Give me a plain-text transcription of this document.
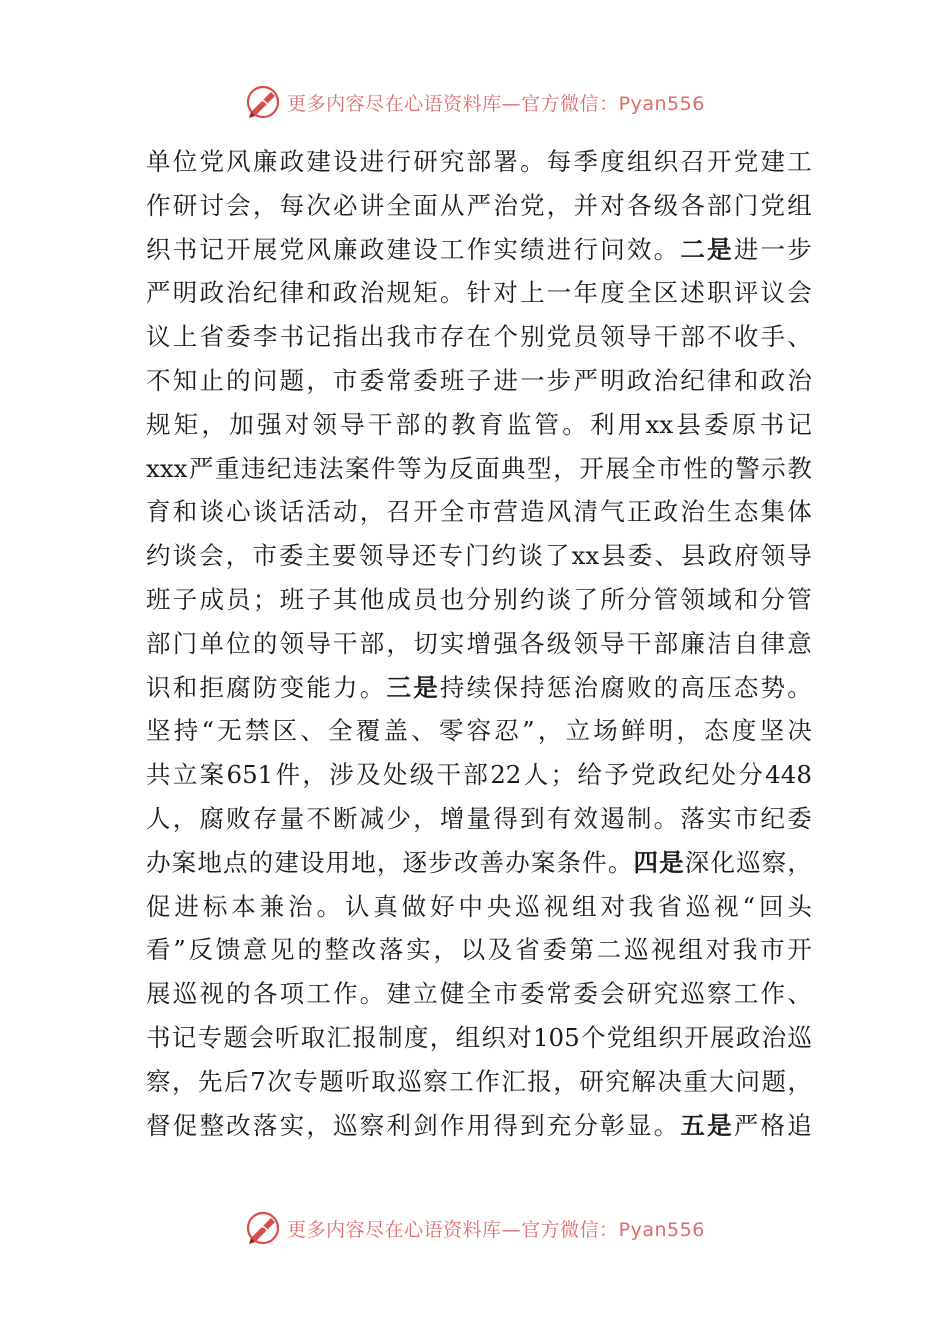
更多内容尽在心语资料库—官方微信：Pyan556
单 位 党 风 廉 政 建 设 进 行 研 究 部 署 。 每 季 度 组 织 召 开 党 建 工
作 研 讨 会 ， 每 次 必 讲 全 面 从 严 治 党 ， 并 对 各 级 各 部 门 党 组
织 书 记 开 展 党 风 廉 政 建 设 工 作 实 绩 进 行 问 效 。 二 是 进 一 步
严 明 政 治 纪 律 和 政 治 规 矩 。 针 对 上 一 年 度 全 区 述 职 评 议 会
议 上 省 委 李 书 记 指 出 我 市 存 在 个 别 党 员 领 导 干 部 不 收 手 、
不 知 止 的 问 题 ， 市 委 常 委 班 子 进 一 步 严 明 政 治 纪 律 和 政 治
规 矩 ， 加 强 对 领 导 干 部 的 教 育 监 管 。 利 用 xx 县 委 原 书 记
xxx 严 重 违 纪 违 法 案 件 等 为 反 面 典 型 ， 开 展 全 市 性 的 警 示 教
育 和 谈 心 谈 话 活 动 ， 召 开 全 市 营 造 风 清 气 正 政 治 生 态 集 体
约 谈 会 ， 市 委 主 要 领 导 还 专 门 约 谈 了 xx 县 委 、 县 政 府 领 导
班 子 成 员 ； 班 子 其 他 成 员 也 分 别 约 谈 了 所 分 管 领 域 和 分 管
部 门 单 位 的 领 导 干 部 ， 切 实 增 强 各 级 领 导 干 部 廉 洁 自 律 意
识 和 拒 腐 防 变 能 力 。 三 是 持 续 保 持 惩 治 腐 败 的 高 压 态 势 。
坚 持 “ 无 禁 区 、 全 覆 盖 、 零 容 忍 ” ， 立 场 鲜 明 ， 态 度 坚 决
共 立 案 651 件 ， 涉 及 处 级 干 部 22 人 ； 给 予 党 政 纪 处 分 448
人 ， 腐 败 存 量 不 断 减 少 ， 增 量 得 到 有 效 遏 制 。 落 实 市 纪 委
办 案 地 点 的 建 设 用 地 ， 逐 步 改 善 办 案 条 件 。 四 是 深 化 巡 察 ，
促 进 标 本 兼 治 。 认 真 做 好 中 央 巡 视 组 对 我 省 巡 视 “ 回 头
看 ” 反 馈 意 见 的 整 改 落 实 ， 以 及 省 委 第 二 巡 视 组 对 我 市 开
展 巡 视 的 各 项 工 作 。 建 立 健 全 市 委 常 委 会 研 究 巡 察 工 作 、
书 记 专 题 会 听 取 汇 报 制 度 ， 组 织 对 105 个 党 组 织 开 展 政 治 巡
察 ， 先 后 7 次 专 题 听 取 巡 察 工 作 汇 报 ， 研 究 解 决 重 大 问 题 ，
督 促 整 改 落 实 ， 巡 察 利 剑 作 用 得 到 充 分 彰 显 。 五 是 严 格 追
更多内容尽在心语资料库—官方微信：Pyan556
